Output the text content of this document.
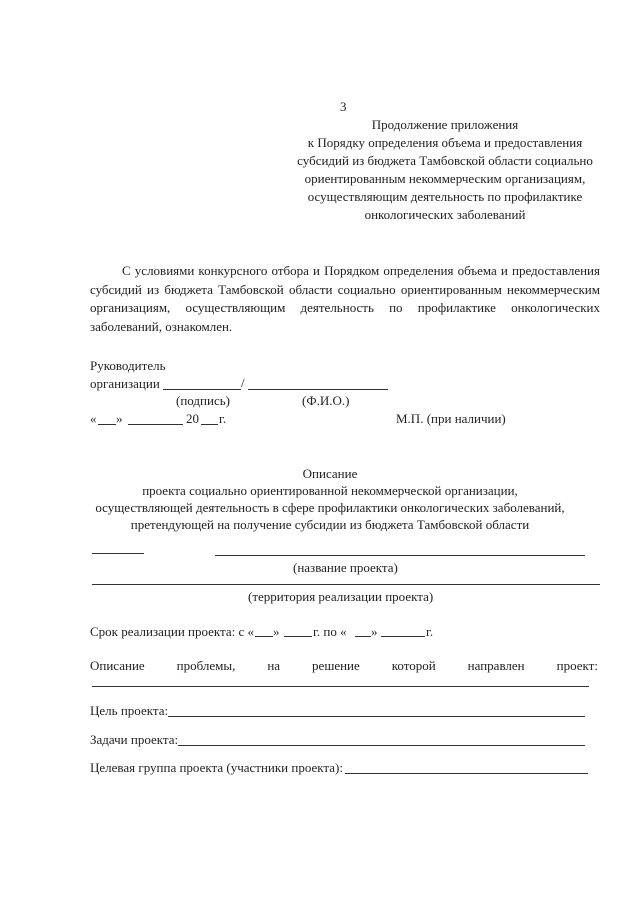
3
Продолжение приложения
к Порядку определения объема и предоставления
субсидий из бюджета Тамбовской области социально
ориентированным некоммерческим организациям,
осуществляющим деятельность по профилактике
онкологических заболеваний
С условиями конкурсного отбора и Порядком определения объема и предоставления
субсидий из бюджета Тамбовской области социально ориентированным некоммерческим
организациям, осуществляющим деятельность по профилактике онкологических
заболеваний, ознакомлен.
Руководитель
организации	/
(подпись)	(Ф.И.О.)
« »	20 г.	М.П. (при наличии)
Описание
проекта социально ориентированной некоммерческой организации,
осуществляющей деятельность в сфере профилактики онкологических заболеваний,
претендующей на получение субсидии из бюджета Тамбовской области
(название проекта)
(территория реализации проекта)
Срок реализации проекта: с « »	г. по « »	г.
Описание проблемы, на решение которой направлен проект:
Цель проекта:
Задачи проекта:
Целевая группа проекта (участники проекта):
